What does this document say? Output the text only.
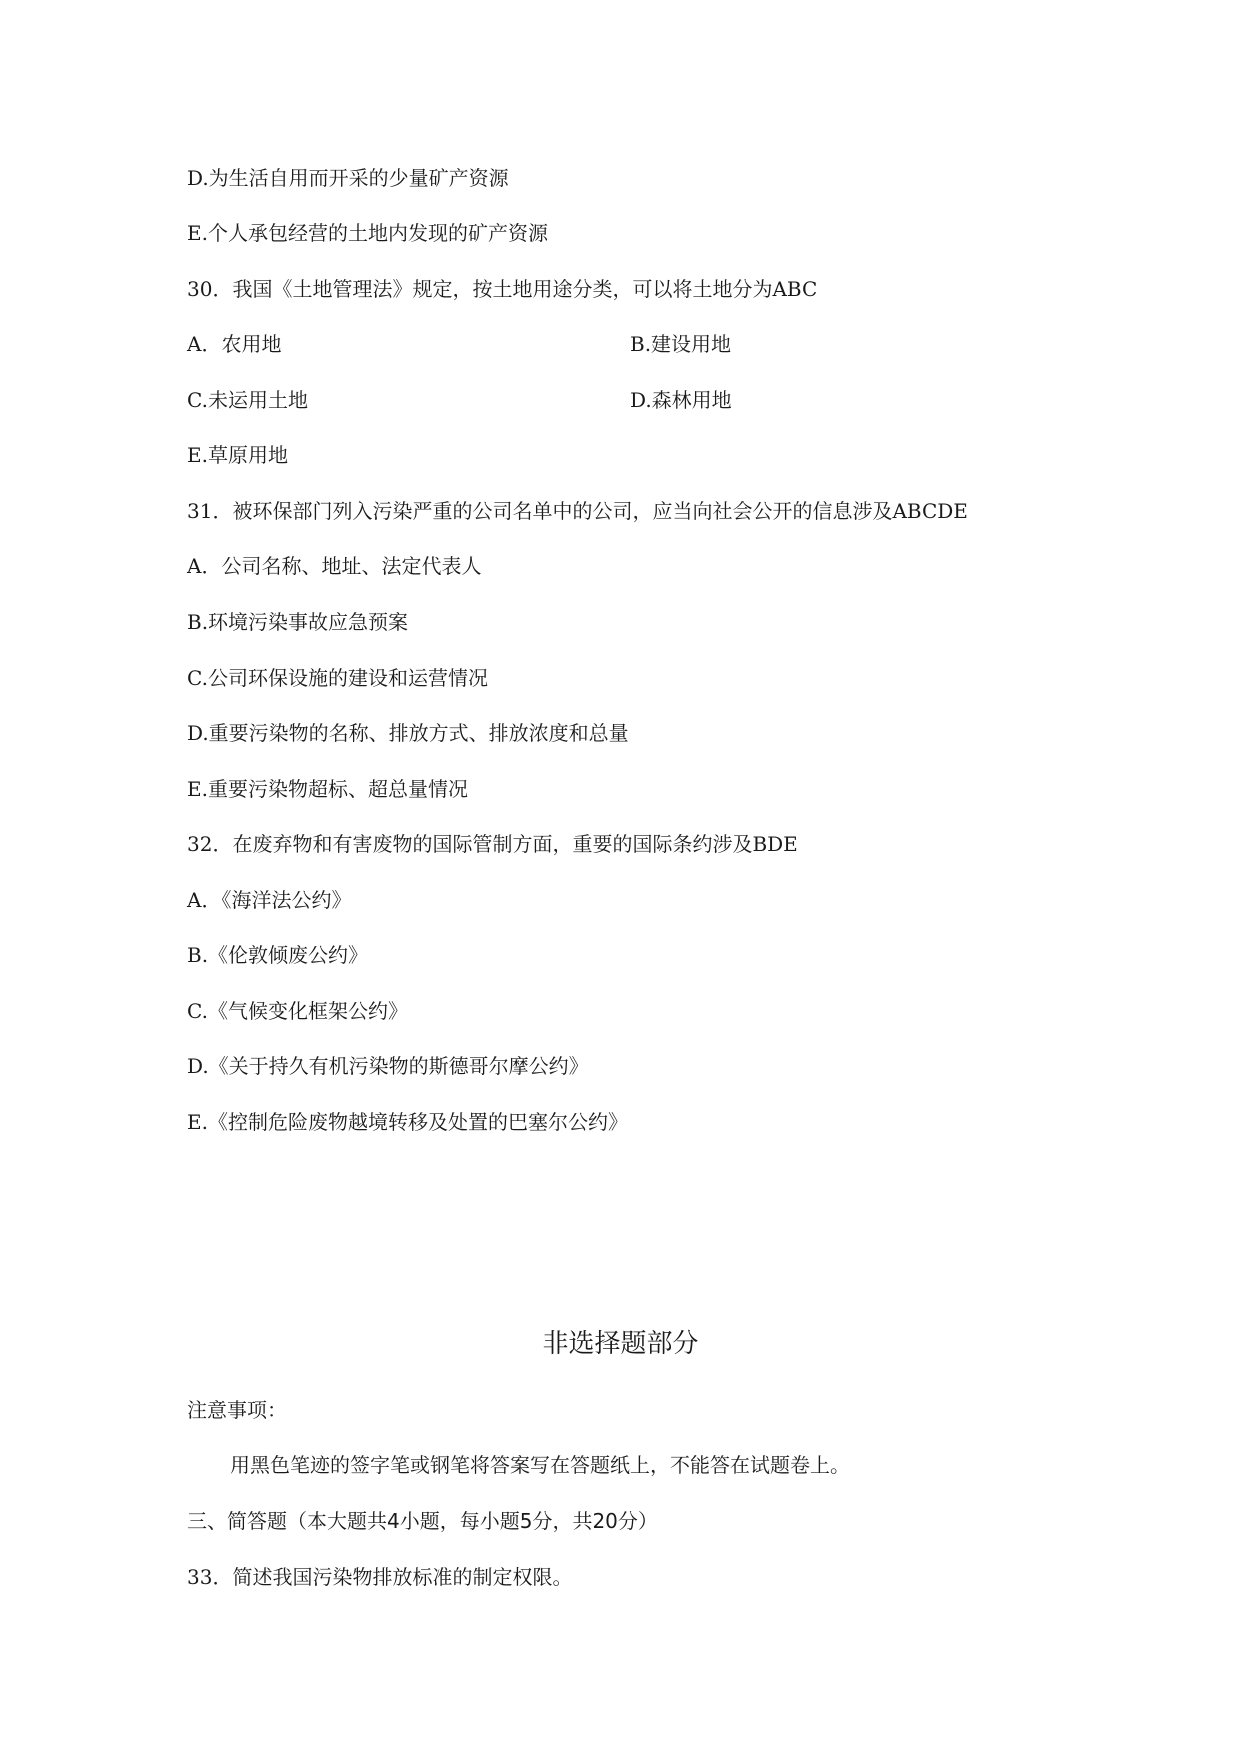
D.为生活自用而开采的少量矿产资源
E.个人承包经营的土地内发现的矿产资源
30．我国《土地管理法》规定，按土地用途分类，可以将土地分为ABC
A．农用地	B.建设用地
C.未运用土地	D.森林用地
E.草原用地
31．被环保部门列入污染严重的公司名单中的公司，应当向社会公开的信息涉及ABCDE
A．公司名称、地址、法定代表人
B.环境污染事故应急预案
C.公司环保设施的建设和运营情况
D.重要污染物的名称、排放方式、排放浓度和总量
E.重要污染物超标、超总量情况
32．在废弃物和有害废物的国际管制方面，重要的国际条约涉及BDE
A．《海洋法公约》
B.《伦敦倾废公约》
C.《气候变化框架公约》
D.《关于持久有机污染物的斯德哥尔摩公约》
E.《控制危险废物越境转移及处置的巴塞尔公约》
非选择题部分
注意事项：
用黑色笔迹的签字笔或钢笔将答案写在答题纸上，不能答在试题卷上。
三、简答题（本大题共4小题，每小题5分，共20分）
33．简述我国污染物排放标准的制定权限。
